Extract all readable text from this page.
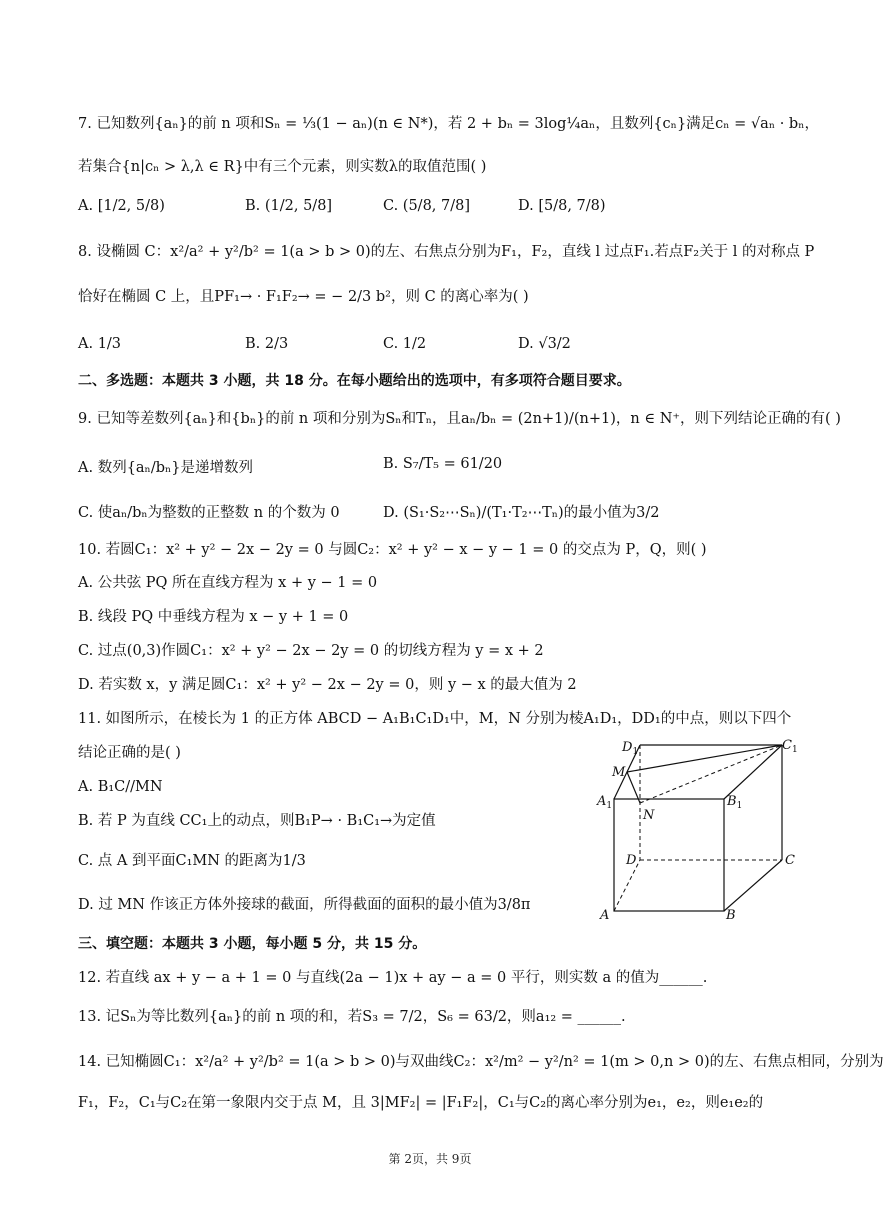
7. 已知数列{aₙ}的前 n 项和Sₙ = ⅓(1 − aₙ)(n ∈ N*)，若 2 + bₙ = 3log¼aₙ，且数列{cₙ}满足cₙ = √aₙ · bₙ，
若集合{n|cₙ > λ,λ ∈ R}中有三个元素，则实数λ的取值范围( )
A. [1/2, 5/8)	B. (1/2, 5/8]	C. (5/8, 7/8]	D. [5/8, 7/8)
8. 设椭圆 C：x²/a² + y²/b² = 1(a > b > 0)的左、右焦点分别为F₁，F₂，直线 l 过点F₁.若点F₂关于 l 的对称点 P
恰好在椭圆 C 上，且PF₁→ · F₁F₂→ = − 2/3 b²，则 C 的离心率为( )
A. 1/3	B. 2/3	C. 1/2	D. √3/2
二、多选题：本题共 3 小题，共 18 分。在每小题给出的选项中，有多项符合题目要求。
9. 已知等差数列{aₙ}和{bₙ}的前 n 项和分别为Sₙ和Tₙ，且aₙ/bₙ = (2n+1)/(n+1)，n ∈ N⁺，则下列结论正确的有( )
A. 数列{aₙ/bₙ}是递增数列	B. S₇/T₅ = 61/20
C. 使aₙ/bₙ为整数的正整数 n 的个数为 0	D. (S₁·S₂⋯Sₙ)/(T₁·T₂⋯Tₙ)的最小值为3/2
10. 若圆C₁：x² + y² − 2x − 2y = 0 与圆C₂：x² + y² − x − y − 1 = 0 的交点为 P，Q，则( )
A. 公共弦 PQ 所在直线方程为 x + y − 1 = 0
B. 线段 PQ 中垂线方程为 x − y + 1 = 0
C. 过点(0,3)作圆C₁：x² + y² − 2x − 2y = 0 的切线方程为 y = x + 2
D. 若实数 x，y 满足圆C₁：x² + y² − 2x − 2y = 0，则 y − x 的最大值为 2
11. 如图所示，在棱长为 1 的正方体 ABCD − A₁B₁C₁D₁中，M，N 分别为棱A₁D₁，DD₁的中点，则以下四个
结论正确的是( )
A. B₁C//MN
B. 若 P 为直线 CC₁上的动点，则B₁P→ · B₁C₁→为定值
C. 点 A 到平面C₁MN 的距离为1/3
D. 过 MN 作该正方体外接球的截面，所得截面的面积的最小值为3/8π
$D_1$	$C_1$
M
$A_1$	$B_1$
N
D	C
A	B
三、填空题：本题共 3 小题，每小题 5 分，共 15 分。
12. 若直线 ax + y − a + 1 = 0 与直线(2a − 1)x + ay − a = 0 平行，则实数 a 的值为______.
13. 记Sₙ为等比数列{aₙ}的前 n 项的和，若S₃ = 7/2，S₆ = 63/2，则a₁₂ = ______.
14. 已知椭圆C₁：x²/a² + y²/b² = 1(a > b > 0)与双曲线C₂：x²/m² − y²/n² = 1(m > 0,n > 0)的左、右焦点相同，分别为
F₁，F₂，C₁与C₂在第一象限内交于点 M，且 3|MF₂| = |F₁F₂|，C₁与C₂的离心率分别为e₁，e₂，则e₁e₂的
第 2页，共 9页
